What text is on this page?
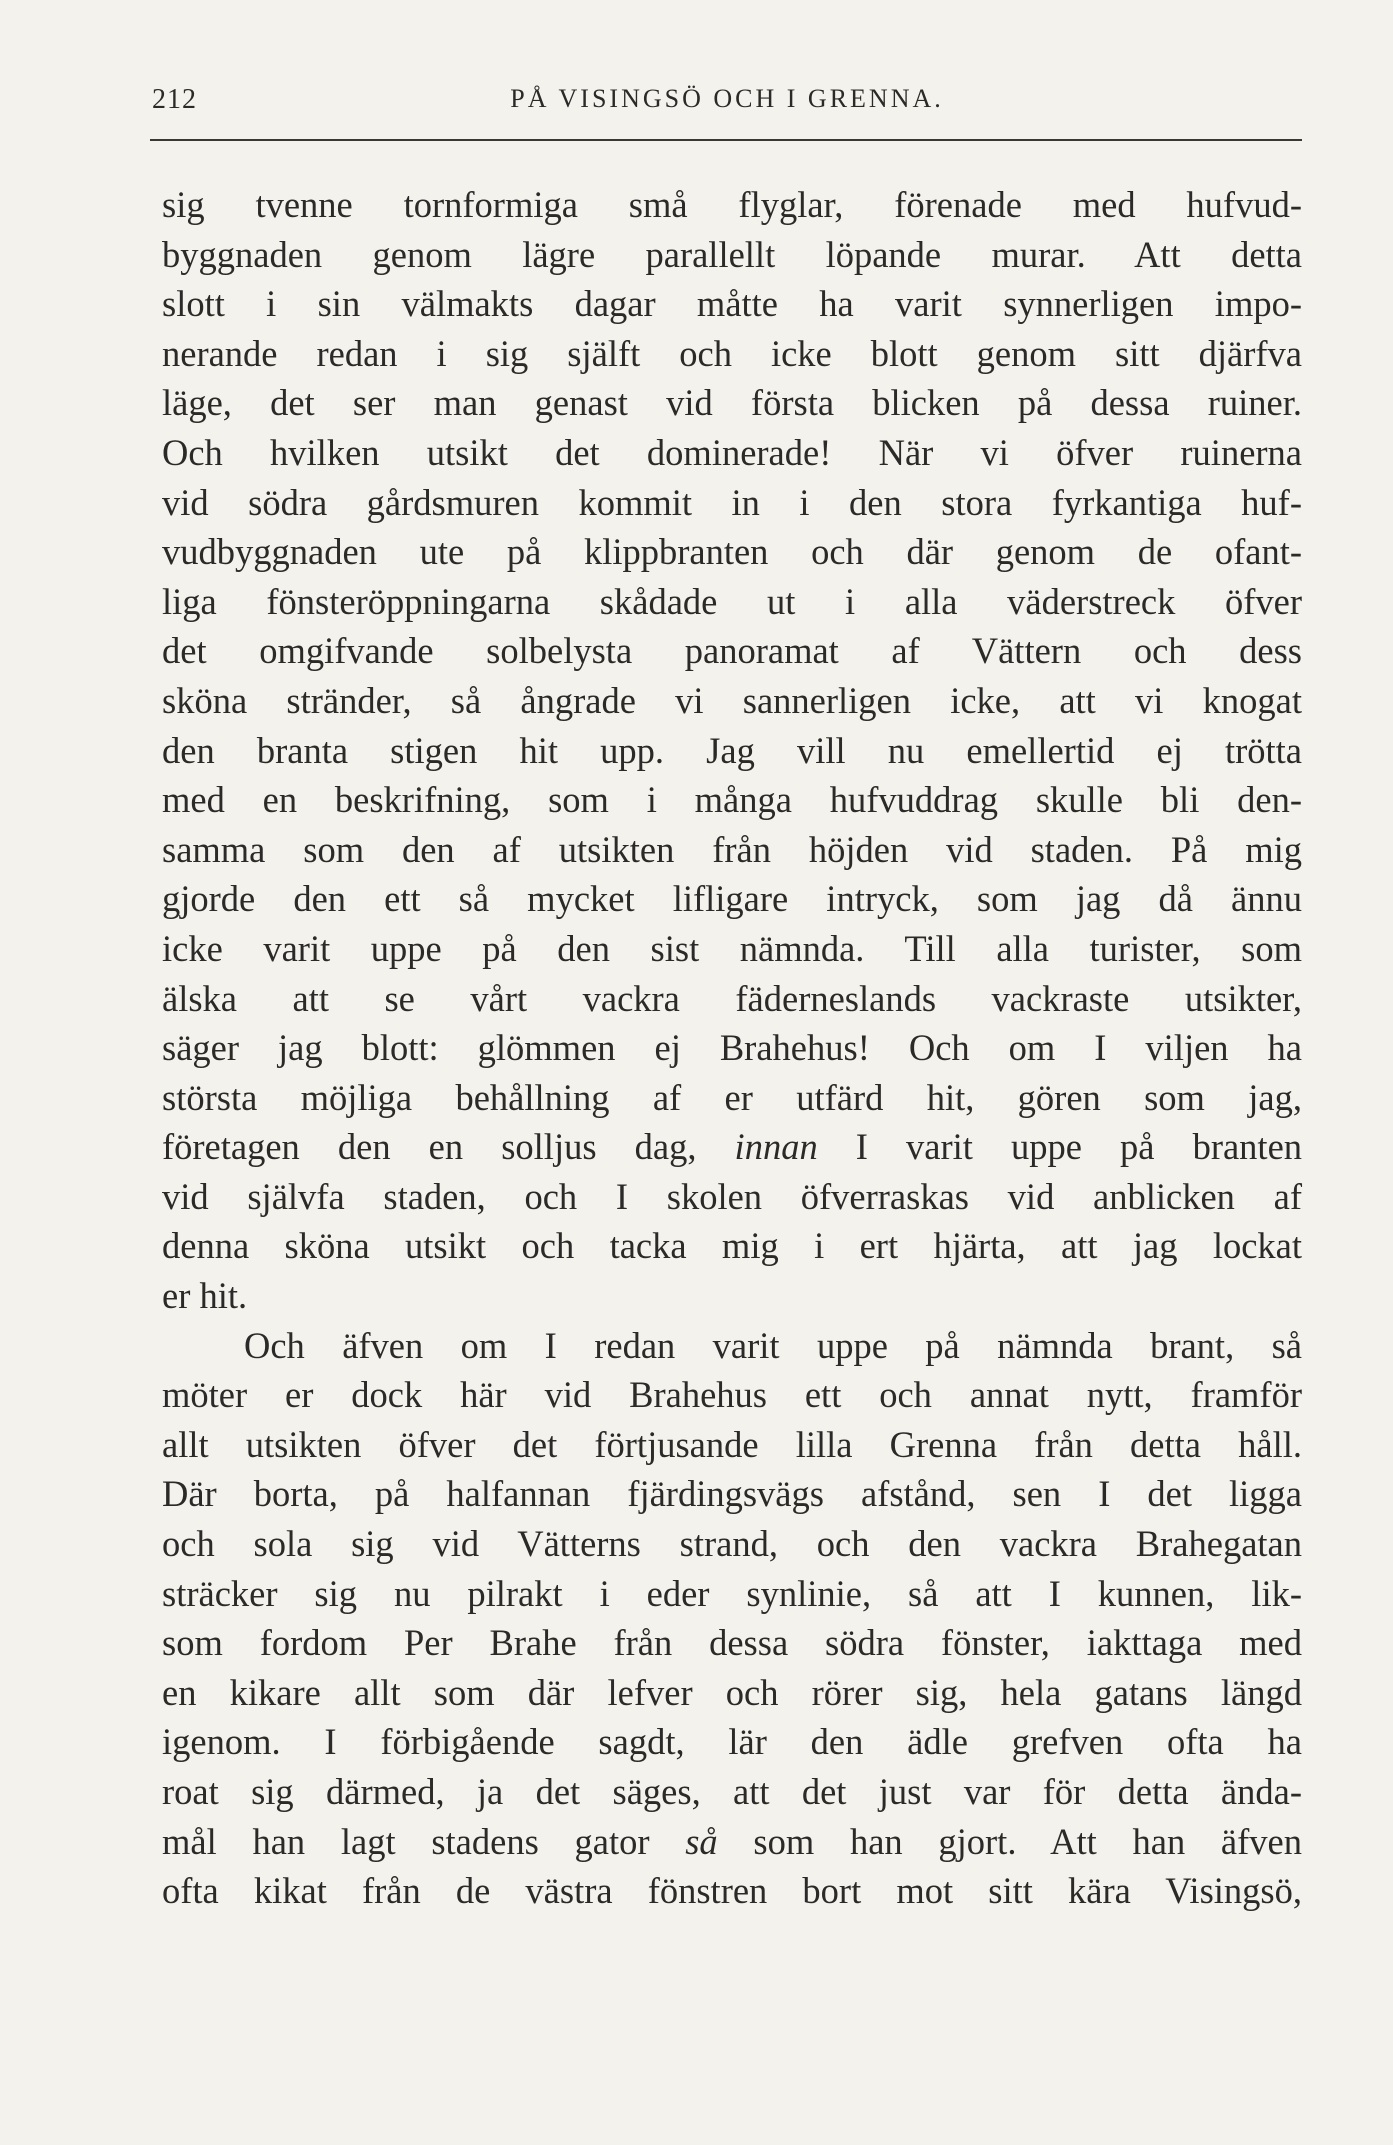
212	PÅ VISINGSÖ OCH I GRENNA.
sig tvenne tornformiga små flyglar, förenade med hufvud-
byggnaden genom lägre parallellt löpande murar. Att detta
slott i sin välmakts dagar måtte ha varit synnerligen impo-
nerande redan i sig själft och icke blott genom sitt djärfva
läge, det ser man genast vid första blicken på dessa ruiner.
Och hvilken utsikt det dominerade! När vi öfver ruinerna
vid södra gårdsmuren kommit in i den stora fyrkantiga huf-
vudbyggnaden ute på klippbranten och där genom de ofant-
liga fönsteröppningarna skådade ut i alla väderstreck öfver
det omgifvande solbelysta panoramat af Vättern och dess
sköna stränder, så ångrade vi sannerligen icke, att vi knogat
den branta stigen hit upp. Jag vill nu emellertid ej trötta
med en beskrifning, som i många hufvuddrag skulle bli den-
samma som den af utsikten från höjden vid staden. På mig
gjorde den ett så mycket lifligare intryck, som jag då ännu
icke varit uppe på den sist nämnda. Till alla turister, som
älska att se vårt vackra fäderneslands vackraste utsikter,
säger jag blott: glömmen ej Brahehus! Och om I viljen ha
största möjliga behållning af er utfärd hit, gören som jag,
företagen den en solljus dag, innan I varit uppe på branten
vid självfa staden, och I skolen öfverraskas vid anblicken af
denna sköna utsikt och tacka mig i ert hjärta, att jag lockat
er hit.
Och äfven om I redan varit uppe på nämnda brant, så
möter er dock här vid Brahehus ett och annat nytt, framför
allt utsikten öfver det förtjusande lilla Grenna från detta håll.
Där borta, på halfannan fjärdingsvägs afstånd, sen I det ligga
och sola sig vid Vätterns strand, och den vackra Brahegatan
sträcker sig nu pilrakt i eder synlinie, så att I kunnen, lik-
som fordom Per Brahe från dessa södra fönster, iakttaga med
en kikare allt som där lefver och rörer sig, hela gatans längd
igenom. I förbigående sagdt, lär den ädle grefven ofta ha
roat sig därmed, ja det säges, att det just var för detta ända-
mål han lagt stadens gator så som han gjort. Att han äfven
ofta kikat från de västra fönstren bort mot sitt kära Visingsö,
